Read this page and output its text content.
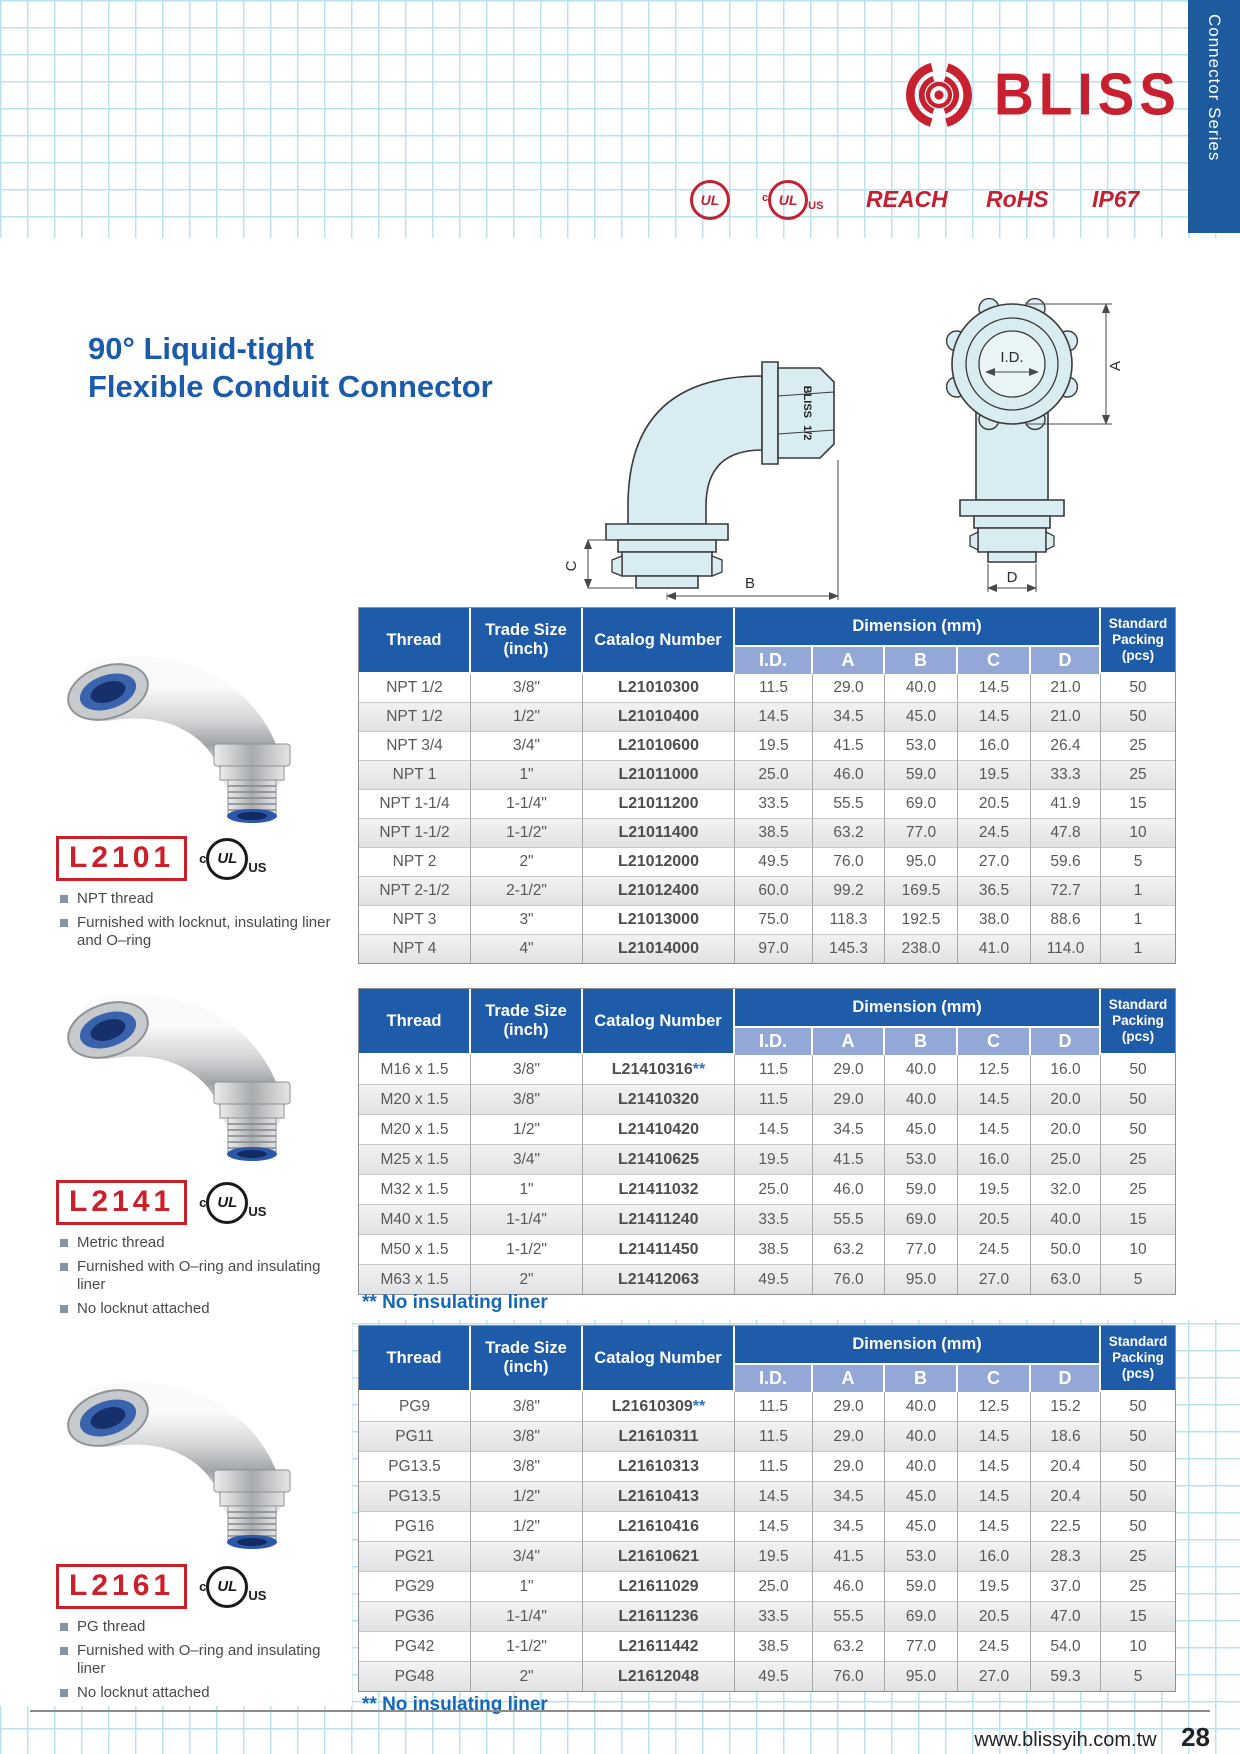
Connector Series
BLISS
UL	c UL US REACH RoHS IP67
90° Liquid-tight
Flexible Conduit Connector	BLISS 1/2
C
B
I.D.	A
D
L2101	c UL US
NPT thread
Furnished with locknut, insulating liner and O–ring
L2141	c UL US
Metric thread
Furnished with O–ring and insulating liner
No locknut attached
L2161	c UL US
PG thread
Furnished with O–ring and insulating liner
No locknut attached
Thread	Trade Size
(inch)	Catalog Number	Dimension (mm)					Standard
Packing
(pcs)

			I.D.	A	B	C	D	
NPT 1/2	3/8"	L21010300	11.5	29.0	40.0	14.5	21.0	50
NPT 1/2	1/2"	L21010400	14.5	34.5	45.0	14.5	21.0	50
NPT 3/4	3/4"	L21010600	19.5	41.5	53.0	16.0	26.4	25
NPT 1	1"	L21011000	25.0	46.0	59.0	19.5	33.3	25
NPT 1-1/4	1-1/4"	L21011200	33.5	55.5	69.0	20.5	41.9	15
NPT 1-1/2	1-1/2"	L21011400	38.5	63.2	77.0	24.5	47.8	10
NPT 2	2"	L21012000	49.5	76.0	95.0	27.0	59.6	5
NPT 2-1/2	2-1/2"	L21012400	60.0	99.2	169.5	36.5	72.7	1
NPT 3	3"	L21013000	75.0	118.3	192.5	38.0	88.6	1
NPT 4	4"	L21014000	97.0	145.3	238.0	41.0	114.0	1
Thread	Trade Size
(inch)	Catalog Number	Dimension (mm)					Standard
Packing
(pcs)

			I.D.	A	B	C	D	
M16 x 1.5	3/8"	L21410316**	11.5	29.0	40.0	12.5	16.0	50
M20 x 1.5	3/8"	L21410320	11.5	29.0	40.0	14.5	20.0	50
M20 x 1.5	1/2"	L21410420	14.5	34.5	45.0	14.5	20.0	50
M25 x 1.5	3/4"	L21410625	19.5	41.5	53.0	16.0	25.0	25
M32 x 1.5	1"	L21411032	25.0	46.0	59.0	19.5	32.0	25
M40 x 1.5	1-1/4"	L21411240	33.5	55.5	69.0	20.5	40.0	15
M50 x 1.5	1-1/2"	L21411450	38.5	63.2	77.0	24.5	50.0	10
M63 x 1.5	2"	L21412063	49.5	76.0	95.0	27.0	63.0	5
** No insulating liner
Thread	Trade Size
(inch)	Catalog Number	Dimension (mm)					Standard
Packing
(pcs)

			I.D.	A	B	C	D	
PG9	3/8"	L21610309**	11.5	29.0	40.0	12.5	15.2	50
PG11	3/8"	L21610311	11.5	29.0	40.0	14.5	18.6	50
PG13.5	3/8"	L21610313	11.5	29.0	40.0	14.5	20.4	50
PG13.5	1/2"	L21610413	14.5	34.5	45.0	14.5	20.4	50
PG16	1/2"	L21610416	14.5	34.5	45.0	14.5	22.5	50
PG21	3/4"	L21610621	19.5	41.5	53.0	16.0	28.3	25
PG29	1"	L21611029	25.0	46.0	59.0	19.5	37.0	25
PG36	1-1/4"	L21611236	33.5	55.5	69.0	20.5	47.0	15
PG42	1-1/2"	L21611442	38.5	63.2	77.0	24.5	54.0	10
PG48	2"	L21612048	49.5	76.0	95.0	27.0	59.3	5
** No insulating liner
www.blissyih.com.tw 28
